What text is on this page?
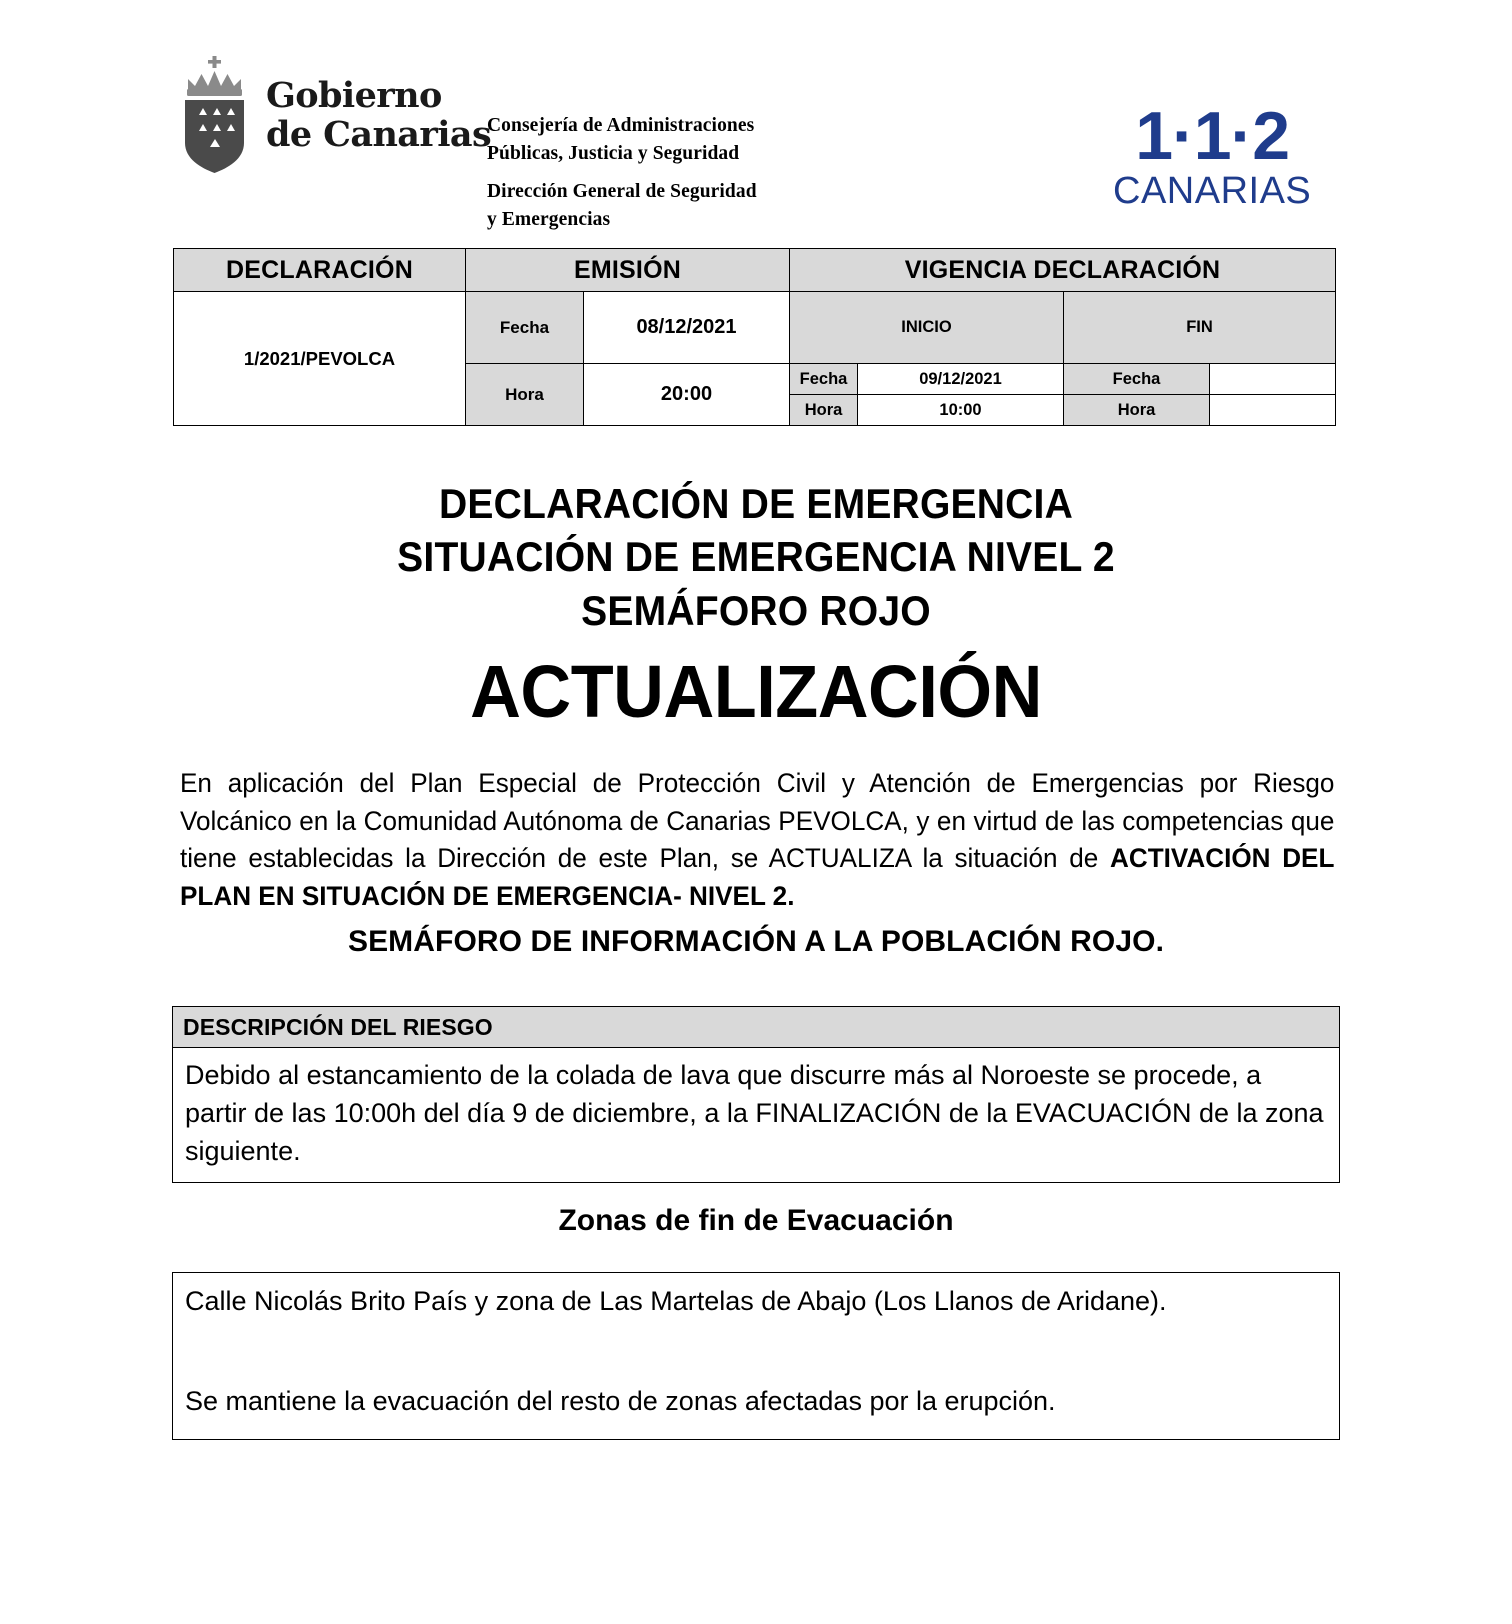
Gobierno
de Canarias
Consejería de Administraciones
Públicas, Justicia y Seguridad
Dirección General de Seguridad
y Emergencias
1·1·2
CANARIAS
DECLARACIÓN	EMISIÓN		VIGENCIA DECLARACIÓN			
1/2021/PEVOLCA	Fecha	08/12/2021	INICIO		FIN	
	Hora	20:00	Fecha	09/12/2021	Fecha	
			Hora	10:00	Hora	
DECLARACIÓN DE EMERGENCIA
SITUACIÓN DE EMERGENCIA NIVEL 2
SEMÁFORO ROJO
ACTUALIZACIÓN
En aplicación del Plan Especial de Protección Civil y Atención de Emergencias por Riesgo Volcánico en la Comunidad Autónoma de Canarias PEVOLCA, y en virtud de las competencias que tiene establecidas la Dirección de este Plan, se ACTUALIZA la situación de ACTIVACIÓN DEL PLAN EN SITUACIÓN DE EMERGENCIA- NIVEL 2.
SEMÁFORO DE INFORMACIÓN A LA POBLACIÓN ROJO.
DESCRIPCIÓN DEL RIESGO
Debido al estancamiento de la colada de lava que discurre más al Noroeste se procede, a partir de las 10:00h del día 9 de diciembre, a la FINALIZACIÓN de la EVACUACIÓN de la zona siguiente.
Zonas de fin de Evacuación
Calle Nicolás Brito País y zona de Las Martelas de Abajo (Los Llanos de Aridane).
Se mantiene la evacuación del resto de zonas afectadas por la erupción.
